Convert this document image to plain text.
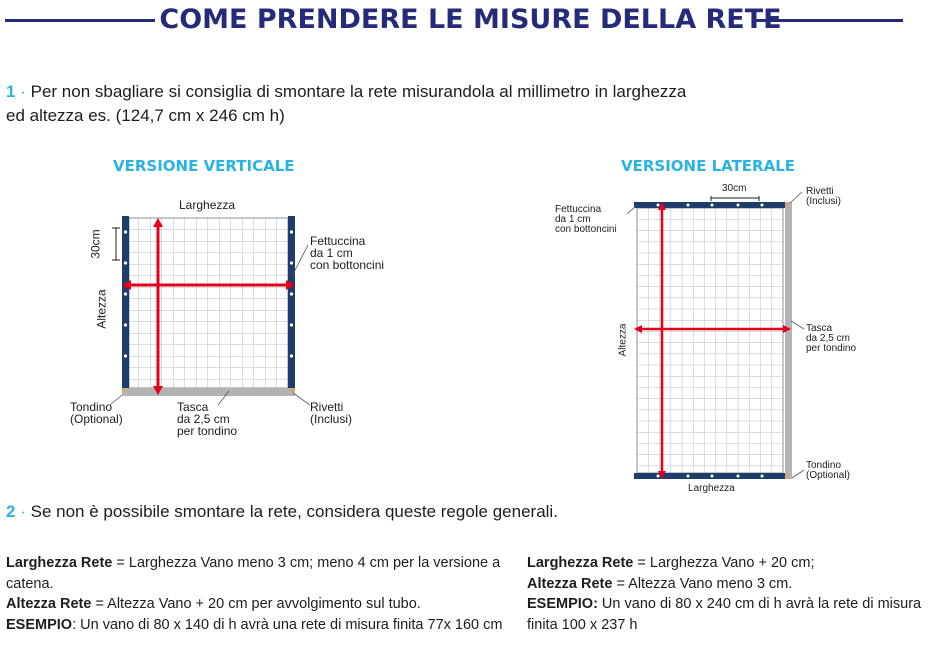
COME PRENDERE LE MISURE DELLA RETE
1 · Per non sbagliare si consiglia di smontare la rete misurandola al millimetro in larghezza
ed altezza es. (124,7 cm x 246 cm h)
VERSIONE VERTICALE	VERSIONE LATERALE
Larghezza
30cm
Altezza
Fettuccina
da 1 cm
con bottoncini
Tondino
(Optional)
Tasca
da 2,5 cm
per tondino
Rivetti
(Inclusi)
30cm
Fettuccina
da 1 cm
con bottoncini
Rivetti
(Inclusi)
Altezza	Tasca
da 2,5 cm
per tondino
Tondino
(Optional)
Larghezza
2 · Se non è possibile smontare la rete, considera queste regole generali.
Larghezza Rete = Larghezza Vano meno 3 cm; meno 4 cm per la versione a catena.
Altezza Rete = Altezza Vano + 20 cm per avvolgimento sul tubo.
ESEMPIO: Un vano di 80 x 140 di h avrà una rete di misura finita 77x 160 cm
Larghezza Rete = Larghezza Vano + 20 cm;
Altezza Rete = Altezza Vano meno 3 cm.
ESEMPIO: Un vano di 80 x 240 cm di h avrà la rete di misura finita 100 x 237 h
